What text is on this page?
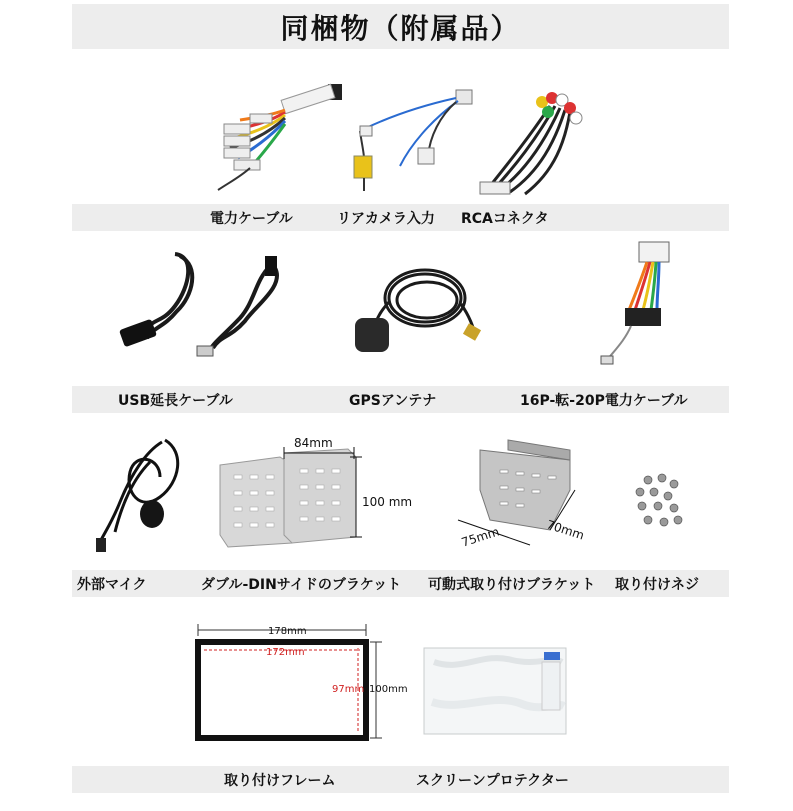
同梱物（附属品）
電力ケーブル	リアカメラ入力 RCAコネクタ
USB延長ケーブル	GPSアンテナ	16P-転-20P電力ケーブル
84mm
100 mm
75mm	70mm
外部マイク	ダブル-DINサイドのブラケット 可動式取り付けブラケット 取り付けネジ
178mm
172mm
97mm 100mm
取り付けフレーム	スクリーンプロテクター
